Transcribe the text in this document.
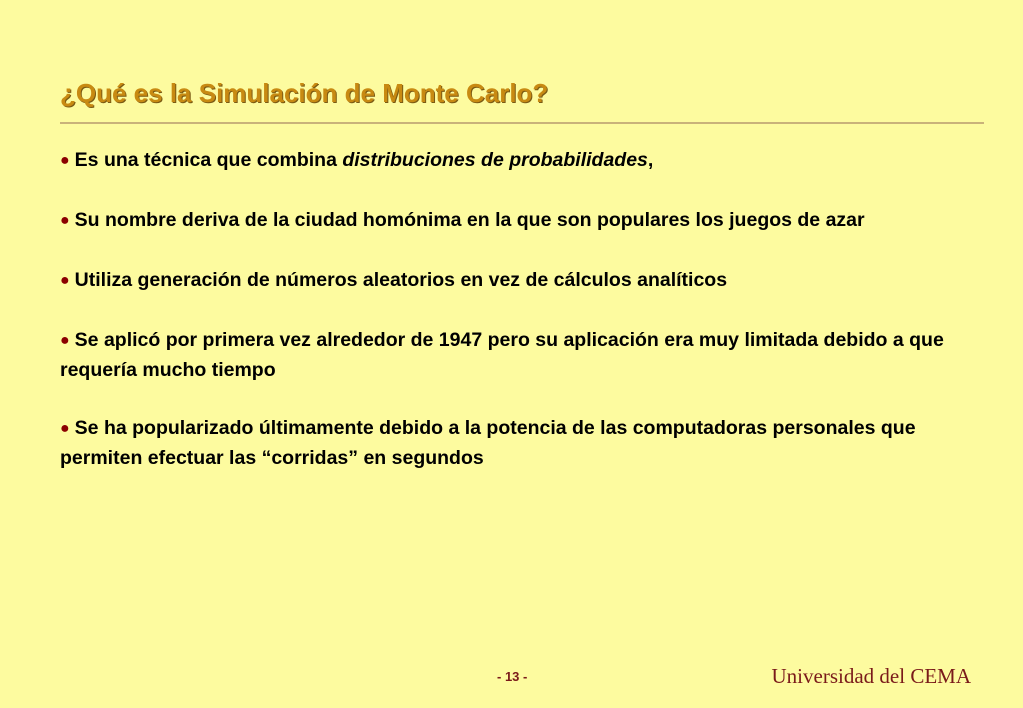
¿Qué es la Simulación de Monte Carlo?
● Es una técnica que combina distribuciones de probabilidades,
● Su nombre deriva de la ciudad homónima en la que son populares los juegos de azar
● Utiliza generación de números aleatorios en vez de cálculos analíticos
● Se aplicó por primera vez alrededor de 1947 pero su aplicación era muy limitada debido a que requería mucho tiempo
● Se ha popularizado últimamente debido a la potencia de las computadoras personales que permiten efectuar las “corridas” en segundos
- 13 -	Universidad del CEMA
